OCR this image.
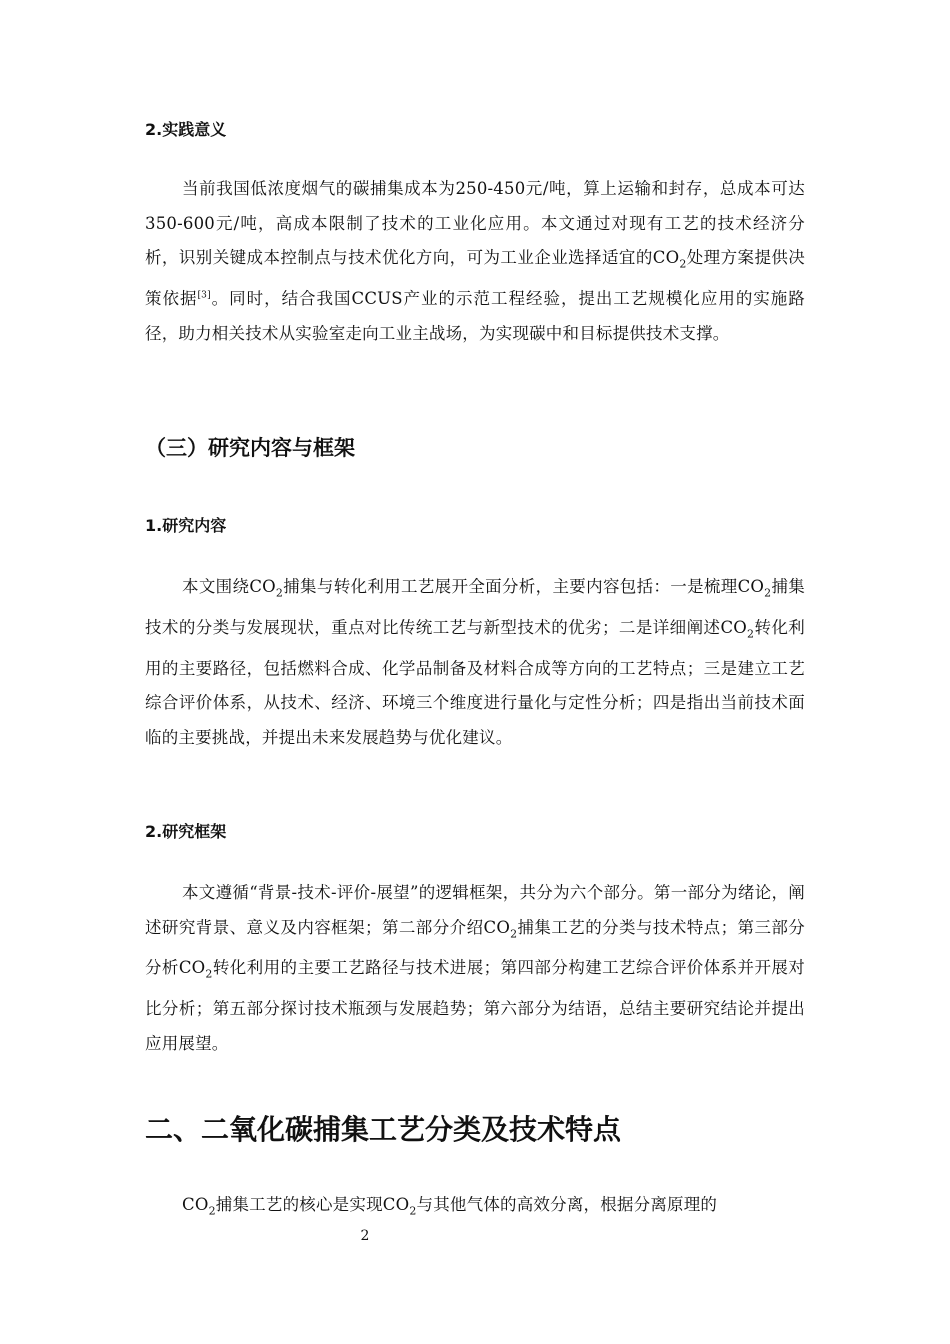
2.实践意义

当前我国低浓度烟气的碳捕集成本为250-450元/吨，算上运输和封存，总成本可达350-600元/吨，高成本限制了技术的工业化应用。本文通过对现有工艺的技术经济分析，识别关键成本控制点与技术优化方向，可为工业企业选择适宜的$CO_2$处理方案提供决策依据[3]。同时，结合我国CCUS产业的示范工程经验，提出工艺规模化应用的实施路径，助力相关技术从实验室走向工业主战场，为实现碳中和目标提供技术支撑。

（三）研究内容与框架
1.研究内容

本文围绕$CO_2$捕集与转化利用工艺展开全面分析，主要内容包括：一是梳理$CO_2$捕集技术的分类与发展现状，重点对比传统工艺与新型技术的优劣；二是详细阐述$CO_2$转化利用的主要路径，包括燃料合成、化学品制备及材料合成等方向的工艺特点；三是建立工艺综合评价体系，从技术、经济、环境三个维度进行量化与定性分析；四是指出当前技术面临的主要挑战，并提出未来发展趋势与优化建议。

2.研究框架

本文遵循“背景-技术-评价-展望”的逻辑框架，共分为六个部分。第一部分为绪论，阐述研究背景、意义及内容框架；第二部分介绍$CO_2$捕集工艺的分类与技术特点；第三部分分析$CO_2$转化利用的主要工艺路径与技术进展；第四部分构建工艺综合评价体系并开展对比分析；第五部分探讨技术瓶颈与发展趋势；第六部分为结语，总结主要研究结论并提出应用展望。

二、二氧化碳捕集工艺分类及技术特点

$CO_2$捕集工艺的核心是实现$CO_2$与其他气体的高效分离，根据分离原理的

2
